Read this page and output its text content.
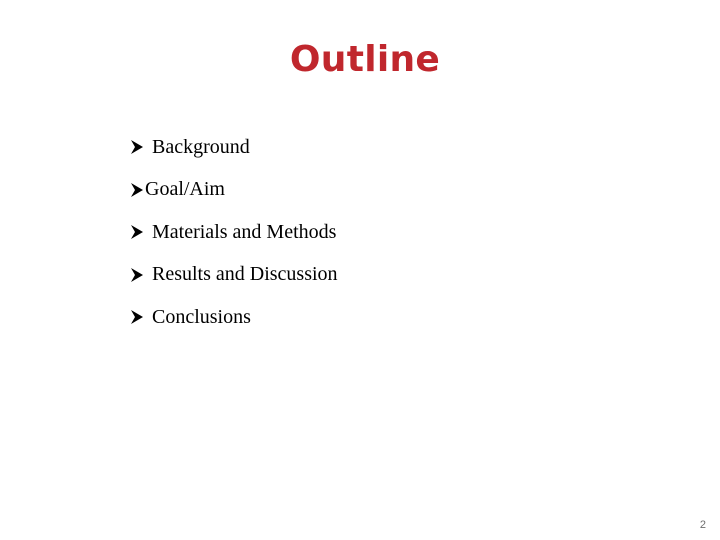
Outline
Background
Goal/Aim
Materials and Methods
Results and Discussion
Conclusions
2
